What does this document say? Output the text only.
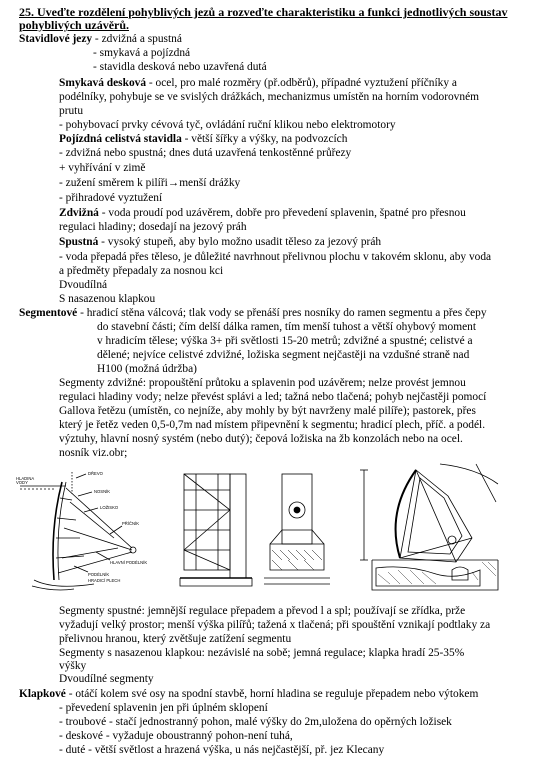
25. Uveďte rozdělení pohyblivých jezů a rozveďte charakteristiku a funkci jednotlivých soustav
pohyblivých uzávěrů.
Stavidlové jezy - zdvižná a spustná
- smykavá a pojízdná
- stavidla desková nebo uzavřená dutá
Smykavá desková - ocel, pro malé rozměry (př.odběrů), případné vyztužení příčníky a
podélníky, pohybuje se ve svislých drážkách, mechanizmus umístěn na horním vodorovném
prutu
- pohybovací prvky cévová tyč, ovládání ruční klikou nebo elektromotory
Pojízdná celistvá stavidla - větší šířky a výšky, na podvozcích
- zdvižná nebo spustná; dnes dutá uzavřená tenkostěnné průřezy
+ vyhřívání v zimě
- zužení směrem k pilíři→menší drážky
- přihradové vyztužení
Zdvižná - voda proudí pod uzávěrem, dobře pro převedení splavenin, špatné pro přesnou
regulaci hladiny; dosedají na jezový práh
Spustná - vysoký stupeň, aby bylo možno usadit těleso za jezový práh
- voda přepadá přes těleso, je důležité navrhnout přelivnou plochu v takovém sklonu, aby voda
a předměty přepadaly za nosnou kci
Dvoudílná
S nasazenou klapkou
Segmentové - hradicí stěna válcová; tlak vody se přenáší pres nosníky do ramen segmentu a přes čepy
do stavební části; čím delší dálka ramen, tím menší tuhost a větší ohybový moment
v hradicím tělese; výška 3+ při světlosti 15-20 metrů; zdvižné a spustné; celistvé a
dělené; nejvíce celistvé zdvižné, ložiska segment nejčastěji na vzdušné straně nad
H100 (možná údržba)
Segmenty zdvižné: propouštění průtoku a splavenin pod uzávěrem; nelze provést jemnou
regulaci hladiny vody; nelze převést splávi a led; tažná nebo tlačená; pohyb nejčastěji pomocí
Gallova řetězu (umístěn, co nejníže, aby mohly by být navrženy malé pilíře); pastorek, přes
který je řetěz veden 0,5-0,7m nad místem připevnění k segmentu; hradicí plech, příč. a podél.
výztuhy, hlavní nosný systém (nebo dutý); čepová ložiska na žb konzolách nebo na ocel.
nosník viz.obr;
HLADINA
VODY
DŘEVO
NOSNÍK
LOŽISKO
PŘÍČNÍK
HLAVNÍ PODÉLNÍK
PODÉLNÍK
HRADICÍ PLECH
Segmenty spustné: jemnější regulace přepadem a převod l a spl; používají se zřídka, prže
vyžadují velký prostor; menší výška pilířů; tažená x tlačená; při spouštění vznikají podtlaky za
přelivnou hranou, který zvětšuje zatížení segmentu
Segmenty s nasazenou klapkou: nezávislé na sobě; jemná regulace; klapka hradí 25-35%
výšky
Dvoudílné segmenty
Klapkové - otáčí kolem své osy na spodní stavbě, horní hladina se reguluje přepadem nebo výtokem
- převedení splavenin jen při úplném sklopení
- troubové - stačí jednostranný pohon, malé výšky do 2m,uložena do opěrných ložisek
- deskové - vyžaduje oboustranný pohon-není tuhá,
- duté - větší světlost a hrazená výška, u nás nejčastější, př. jez Klecany
